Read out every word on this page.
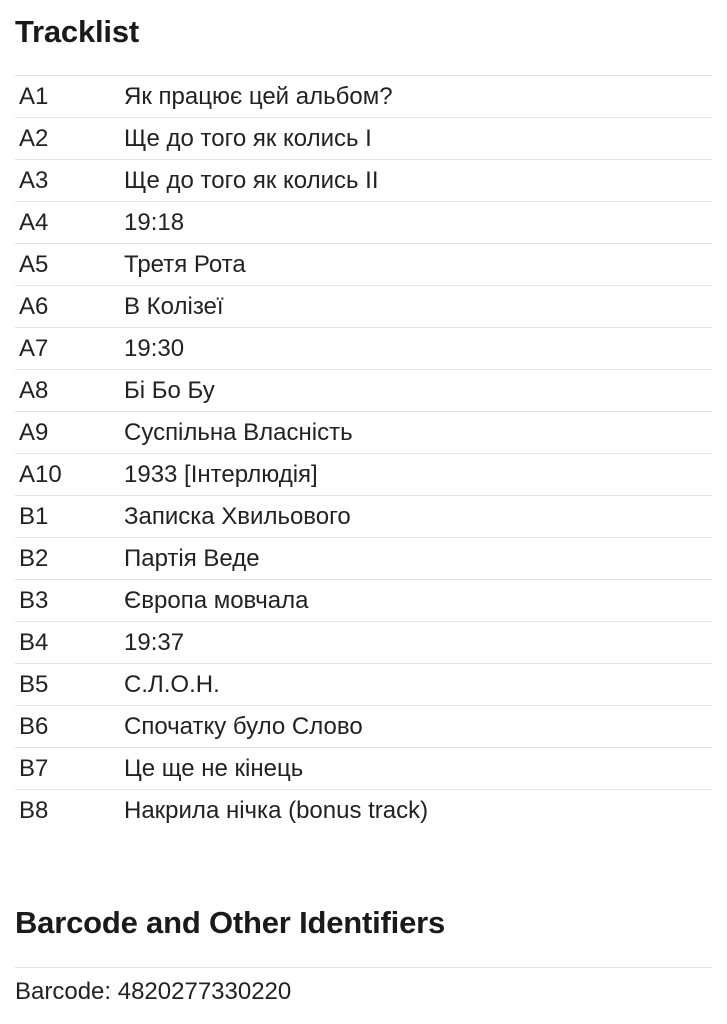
Tracklist
A1	Як працює цей альбом?
A2	Ще до того як колись I
A3	Ще до того як колись II
A4	19:18
A5	Третя Рота
A6	В Колізеї
A7	19:30
A8	Бі Бо Бу
A9	Суспільна Власність
A10	1933 [Інтерлюдія]
B1	Записка Хвильового
B2	Партія Веде
B3	Європа мовчала
B4	19:37
B5	С.Л.О.Н.
B6	Спочатку було Слово
B7	Це ще не кінець
B8	Накрила нічка (bonus track)
Barcode and Other Identifiers
Barcode: 4820277330220
